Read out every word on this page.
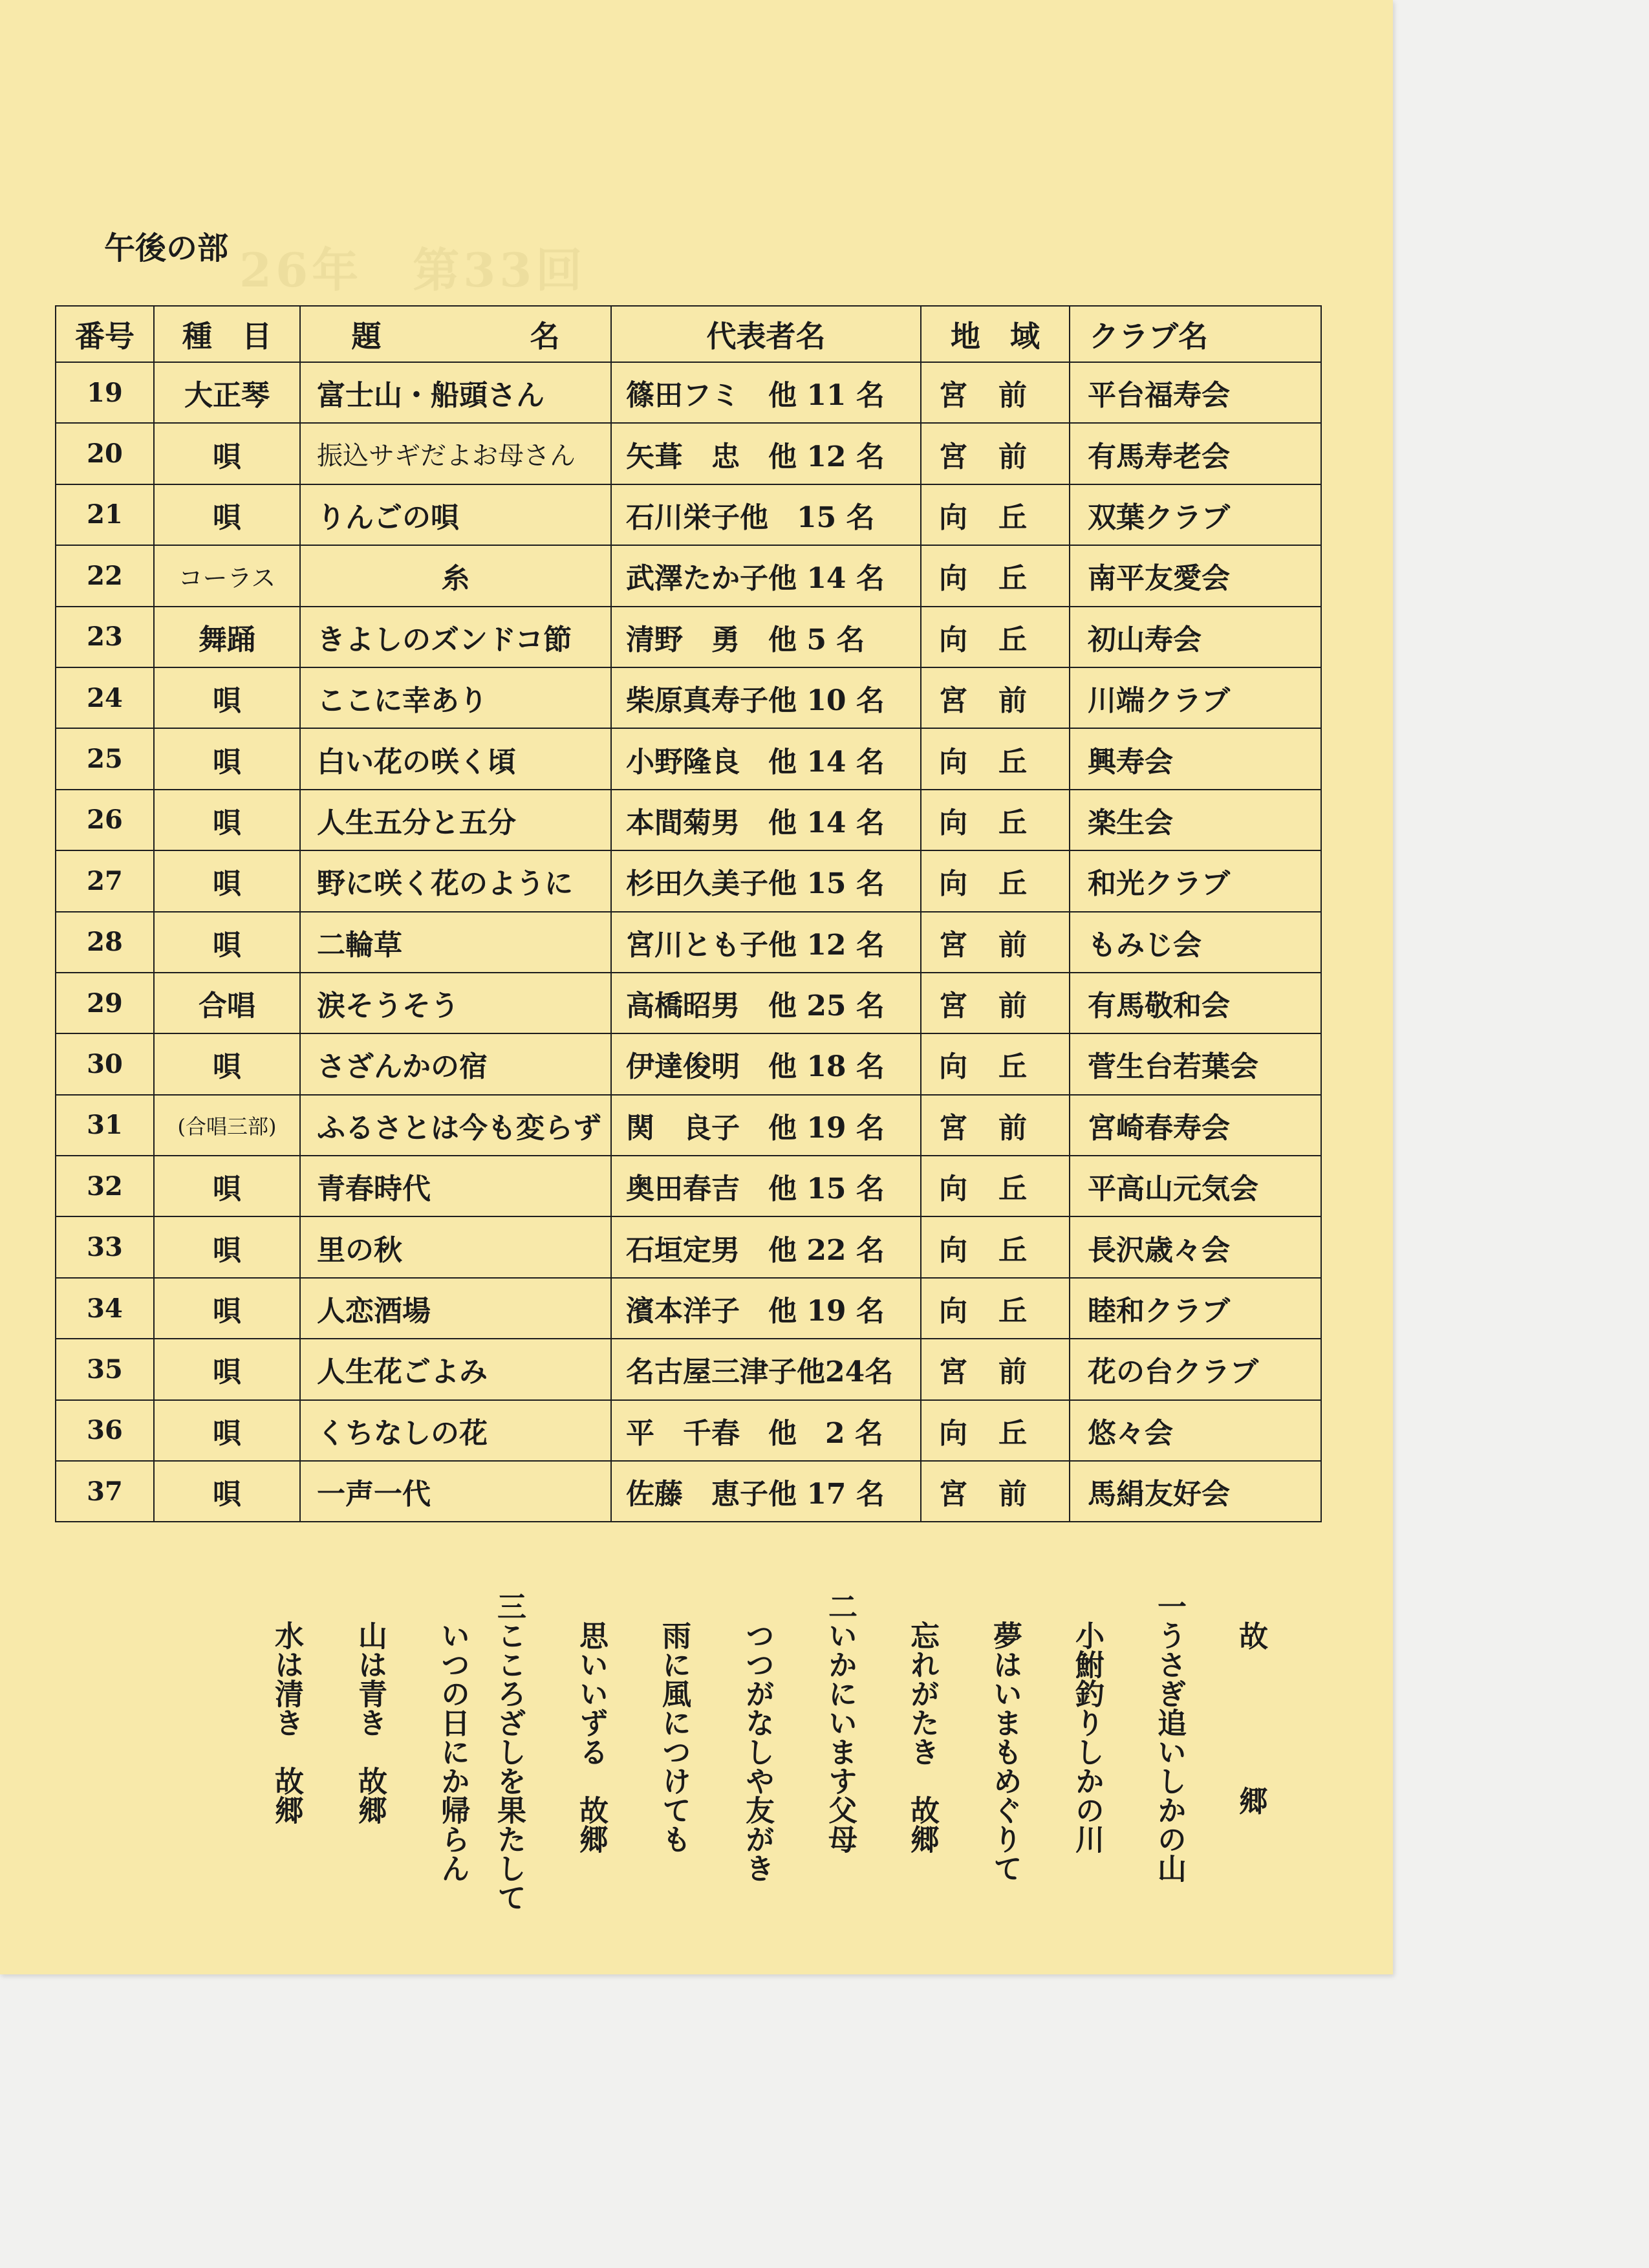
26年　第33回
午後の部
番号	種　目	題　　　　　名	代表者名	地　域	クラブ名
19	大正琴	富士山・船頭さん	篠田フミ　他 11 名	宮　前	平台福寿会
20	唄	振込サギだよお母さん	矢葺　忠　他 12 名	宮　前	有馬寿老会
21	唄	りんごの唄	石川栄子他　15 名	向　丘	双葉クラブ
22	コーラス	糸	武澤たか子他 14 名	向　丘	南平友愛会
23	舞踊	きよしのズンドコ節	清野　勇　他 5 名	向　丘	初山寿会
24	唄	ここに幸あり	柴原真寿子他 10 名	宮　前	川端クラブ
25	唄	白い花の咲く頃	小野隆良　他 14 名	向　丘	興寿会
26	唄	人生五分と五分	本間菊男　他 14 名	向　丘	楽生会
27	唄	野に咲く花のように	杉田久美子他 15 名	向　丘	和光クラブ
28	唄	二輪草	宮川とも子他 12 名	宮　前	もみじ会
29	合唱	涙そうそう	高橋昭男　他 25 名	宮　前	有馬敬和会
30	唄	さざんかの宿	伊達俊明　他 18 名	向　丘	菅生台若葉会
31	(合唱三部)	ふるさとは今も変らず	関　良子　他 19 名	宮　前	宮崎春寿会
32	唄	青春時代	奥田春吉　他 15 名	向　丘	平高山元気会
33	唄	里の秋	石垣定男　他 22 名	向　丘	長沢歳々会
34	唄	人恋酒場	濱本洋子　他 19 名	向　丘	睦和クラブ
35	唄	人生花ごよみ	名古屋三津子他24名	宮　前	花の台クラブ
36	唄	くちなしの花	平　千春　他　2 名	向　丘	悠々会
37	唄	一声一代	佐藤　恵子他 17 名	宮　前	馬絹友好会
故
郷
一うさぎ追いしかの山
小鮒釣りしかの川
夢はいまもめぐりて
忘れがたき　故郷
二いかにいます父母
つつがなしや友がき
雨に風につけても
思いいずる　故郷
三こころざしを果たして
いつの日にか帰らん
山は青き　故郷
水は清き　故郷
